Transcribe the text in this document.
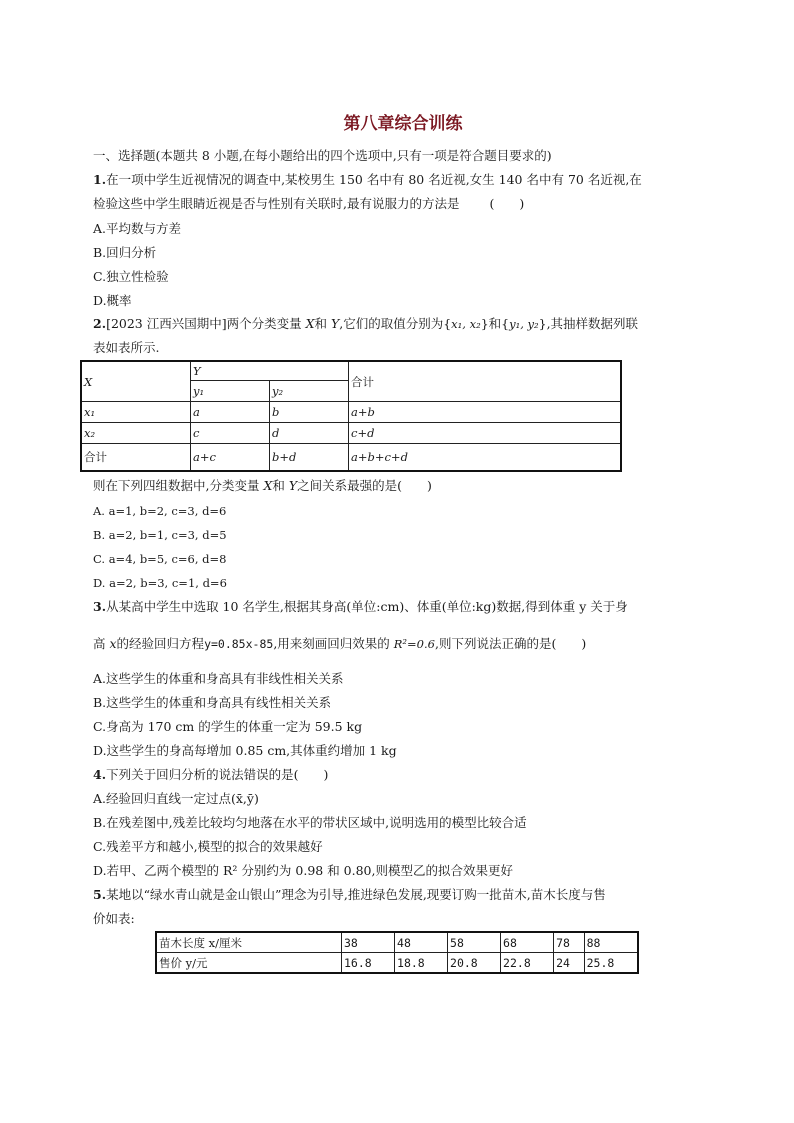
第八章综合训练
一、选择题(本题共 8 小题,在每小题给出的四个选项中,只有一项是符合题目要求的)
1.在一项中学生近视情况的调查中,某校男生 150 名中有 80 名近视,女生 140 名中有 70 名近视,在
检验这些中学生眼睛近视是否与性别有关联时,最有说服力的方法是 (　　)
A.平均数与方差
B.回归分析
C.独立性检验
D.概率
2.[2023 江西兴国期中]两个分类变量 X和 Y,它们的取值分别为{x₁, x₂}和{y₁, y₂},其抽样数据列联
表如表所示.
X	Y		合计
	y₁	y₂	
x₁	a	b	a+b
x₂	c	d	c+d
合计	a+c	b+d	a+b+c+d
则在下列四组数据中,分类变量 X和 Y之间关系最强的是(　　)
A. a=1, b=2, c=3, d=6
B. a=2, b=1, c=3, d=5
C. a=4, b=5, c=6, d=8
D. a=2, b=3, c=1, d=6
3.从某高中学生中选取 10 名学生,根据其身高(单位:cm)、体重(单位:kg)数据,得到体重 y 关于身
高 x的经验回归方程y=0.85x-85,用来刻画回归效果的 R²=0.6,则下列说法正确的是(　　)
A.这些学生的体重和身高具有非线性相关关系
B.这些学生的体重和身高具有线性相关关系
C.身高为 170 cm 的学生的体重一定为 59.5 kg
D.这些学生的身高每增加 0.85 cm,其体重约增加 1 kg
4.下列关于回归分析的说法错误的是(　　)
A.经验回归直线一定过点(x̄,ȳ)
B.在残差图中,残差比较均匀地落在水平的带状区域中,说明选用的模型比较合适
C.残差平方和越小,模型的拟合的效果越好
D.若甲、乙两个模型的 R² 分别约为 0.98 和 0.80,则模型乙的拟合效果更好
5.某地以“绿水青山就是金山银山”理念为引导,推进绿色发展,现要订购一批苗木,苗木长度与售
价如表:
苗木长度 x/厘米	38	48	58	68	78	88
售价 y/元	16.8	18.8	20.8	22.8	24	25.8
